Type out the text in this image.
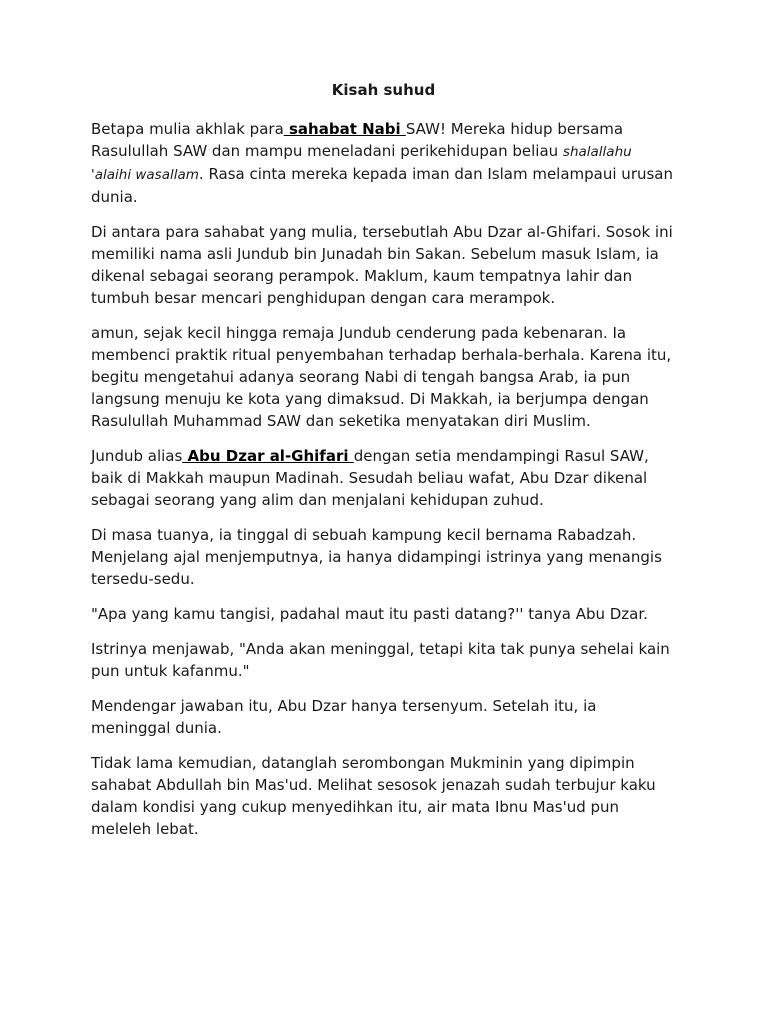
Kisah suhud

Betapa mulia akhlak para sahabat Nabi SAW! Mereka hidup bersama Rasulullah SAW dan mampu meneladani perikehidupan beliau shalallahu 'alaihi wasallam. Rasa cinta mereka kepada iman dan Islam melampaui urusan dunia.

Di antara para sahabat yang mulia, tersebutlah Abu Dzar al-Ghifari. Sosok ini memiliki nama asli Jundub bin Junadah bin Sakan. Sebelum masuk Islam, ia dikenal sebagai seorang perampok. Maklum, kaum tempatnya lahir dan tumbuh besar mencari penghidupan dengan cara merampok.

amun, sejak kecil hingga remaja Jundub cenderung pada kebenaran. Ia membenci praktik ritual penyembahan terhadap berhala-berhala. Karena itu, begitu mengetahui adanya seorang Nabi di tengah bangsa Arab, ia pun langsung menuju ke kota yang dimaksud. Di Makkah, ia berjumpa dengan Rasulullah Muhammad SAW dan seketika menyatakan diri Muslim.

Jundub alias Abu Dzar al-Ghifari dengan setia mendampingi Rasul SAW, baik di Makkah maupun Madinah. Sesudah beliau wafat, Abu Dzar dikenal sebagai seorang yang alim dan menjalani kehidupan zuhud.

Di masa tuanya, ia tinggal di sebuah kampung kecil bernama Rabadzah. Menjelang ajal menjemputnya, ia hanya didampingi istrinya yang menangis tersedu-sedu.

"Apa yang kamu tangisi, padahal maut itu pasti datang?'' tanya Abu Dzar.

Istrinya menjawab, "Anda akan meninggal, tetapi kita tak punya sehelai kain pun untuk kafanmu."

Mendengar jawaban itu, Abu Dzar hanya tersenyum. Setelah itu, ia meninggal dunia.

Tidak lama kemudian, datanglah serombongan Mukminin yang dipimpin sahabat Abdullah bin Mas'ud. Melihat sesosok jenazah sudah terbujur kaku dalam kondisi yang cukup menyedihkan itu, air mata Ibnu Mas'ud pun meleleh lebat.
